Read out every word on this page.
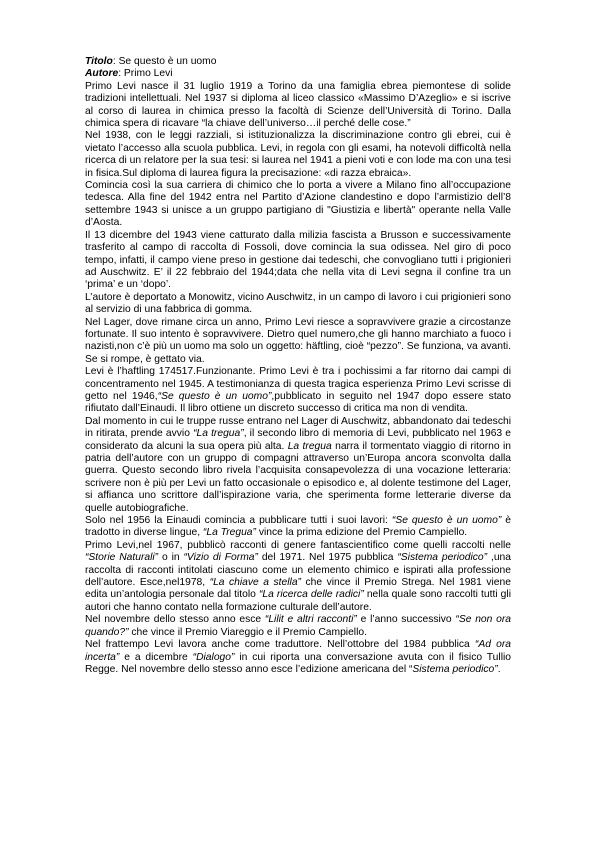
Titolo: Se questo è un uomo

Autore: Primo Levi

Primo Levi nasce il 31 luglio 1919 a Torino da una famiglia ebrea piemontese di solide tradizioni intellettuali. Nel 1937 si diploma al liceo classico «Massimo D’Azeglio» e si iscrive al corso di laurea in chimica presso la facoltà di Scienze dell’Università di Torino. Dalla chimica spera di ricavare “la chiave dell’universo…il perché delle cose.”

Nel 1938, con le leggi razziali, si istituzionalizza la discriminazione contro gli ebrei, cui è vietato l’accesso alla scuola pubblica. Levi, in regola con gli esami, ha notevoli difficoltà nella ricerca di un relatore per la sua tesi: si laurea nel 1941 a pieni voti e con lode ma con una tesi in fisica.Sul diploma di laurea figura la precisazione: «di razza ebraica».

Comincia così la sua carriera di chimico che lo porta a vivere a Milano fino all’occupazione tedesca. Alla fine del 1942 entra nel Partito d’Azione clandestino e dopo l’armistizio dell’8 settembre 1943 si unisce a un gruppo partigiano di "Giustizia e libertà" operante nella Valle d’Aosta.

Il 13 dicembre del 1943 viene catturato dalla milizia fascista a Brusson e successivamente trasferito al campo di raccolta di Fossoli, dove comincia la sua odissea. Nel giro di poco tempo, infatti, il campo viene preso in gestione dai tedeschi, che convogliano tutti i prigionieri ad Auschwitz. E’ il 22 febbraio del 1944;data che nella vita di Levi segna il confine tra un ‘prima’ e un ‘dopo’.

L’autore è deportato a Monowitz, vicino Auschwitz, in un campo di lavoro i cui prigionieri sono al servizio di una fabbrica di gomma.

Nel Lager, dove rimane circa un anno, Primo Levi riesce a sopravvivere grazie a circostanze fortunate. Il suo intento è sopravvivere. Dietro quel numero,che gli hanno marchiato a fuoco i nazisti,non c’è più un uomo ma solo un oggetto: häftling, cioè “pezzo”. Se funziona, va avanti. Se si rompe, è gettato via.

Levi è l’haftling 174517.Funzionante. Primo Levi è tra i pochissimi a far ritorno dai campi di concentramento nel 1945. A testimonianza di questa tragica esperienza Primo Levi scrisse di getto nel 1946,“Se questo è un uomo”,pubblicato in seguito nel 1947 dopo essere stato rifiutato dall’Einaudi. Il libro ottiene un discreto successo di critica ma non di vendita.

Dal momento in cui le truppe russe entrano nel Lager di Auschwitz, abbandonato dai tedeschi in ritirata, prende avvio “La tregua”, il secondo libro di memoria di Levi, pubblicato nel 1963 e considerato da alcuni la sua opera più alta. La tregua narra il tormentato viaggio di ritorno in patria dell’autore con un gruppo di compagni attraverso un’Europa ancora sconvolta dalla guerra. Questo secondo libro rivela l’acquisita consapevolezza di una vocazione letteraria: scrivere non è più per Levi un fatto occasionale o episodico e, al dolente testimone del Lager, si affianca uno scrittore dall’ispirazione varia, che sperimenta forme letterarie diverse da quelle autobiografiche.

Solo nel 1956 la Einaudi comincia a pubblicare tutti i suoi lavori: “Se questo è un uomo” è tradotto in diverse lingue, “La Tregua” vince la prima edizione del Premio Campiello.

Primo Levi,nel 1967, pubblicò racconti di genere fantascientifico come quelli raccolti nelle “Storie Naturali” o in “Vizio di Forma” del 1971. Nel 1975 pubblica “Sistema periodico” ,una raccolta di racconti intitolati ciascuno come un elemento chimico e ispirati alla professione dell’autore. Esce,nel1978, “La chiave a stella” che vince il Premio Strega. Nel 1981 viene edita un’antologia personale dal titolo “La ricerca delle radici” nella quale sono raccolti tutti gli autori che hanno contato nella formazione culturale dell’autore.

Nel novembre dello stesso anno esce “Lilit e altri racconti” e l’anno successivo “Se non ora quando?” che vince il Premio Viareggio e il Premio Campiello.

Nel frattempo Levi lavora anche come traduttore. Nell’ottobre del 1984 pubblica “Ad ora incerta” e a dicembre “Dialogo” in cui riporta una conversazione avuta con il fisico Tullio Regge. Nel novembre dello stesso anno esce l’edizione americana del “Sistema periodico”.
